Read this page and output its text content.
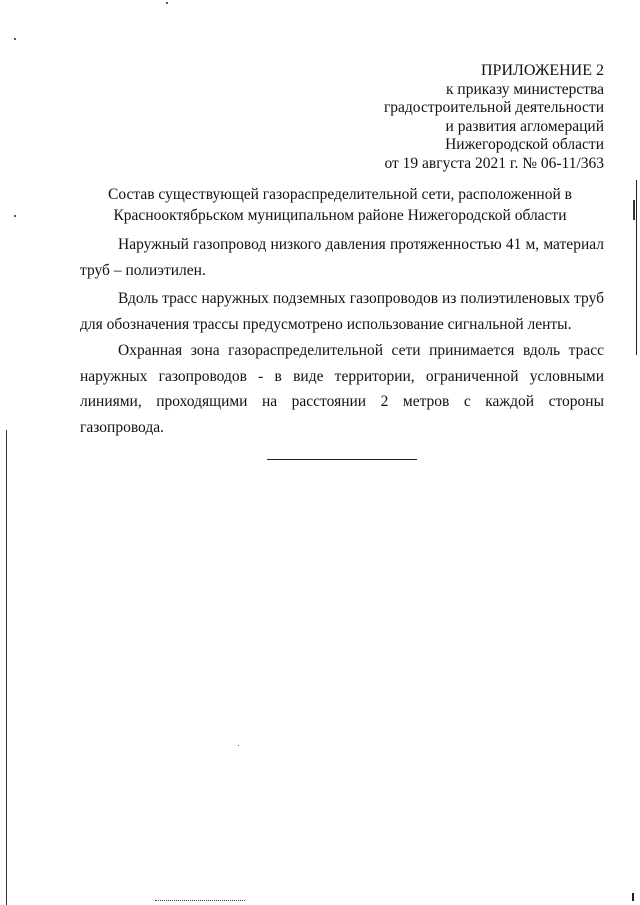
ПРИЛОЖЕНИЕ 2
к приказу министерства
градостроительной деятельности
и развития агломераций
Нижегородской области
от 19 августа 2021 г. № 06-11/363
Состав существующей газораспределительной сети, расположенной в
Краснооктябрьском муниципальном районе Нижегородской области
Наружный газопровод низкого давления протяженностью 41 м, материал труб – полиэтилен.
Вдоль трасс наружных подземных газопроводов из полиэтиленовых труб для обозначения трассы предусмотрено использование сигнальной ленты.
Охранная зона газораспределительной сети принимается вдоль трасс наружных газопроводов - в виде территории, ограниченной условными линиями, проходящими на расстоянии 2 метров с каждой стороны газопровода.
